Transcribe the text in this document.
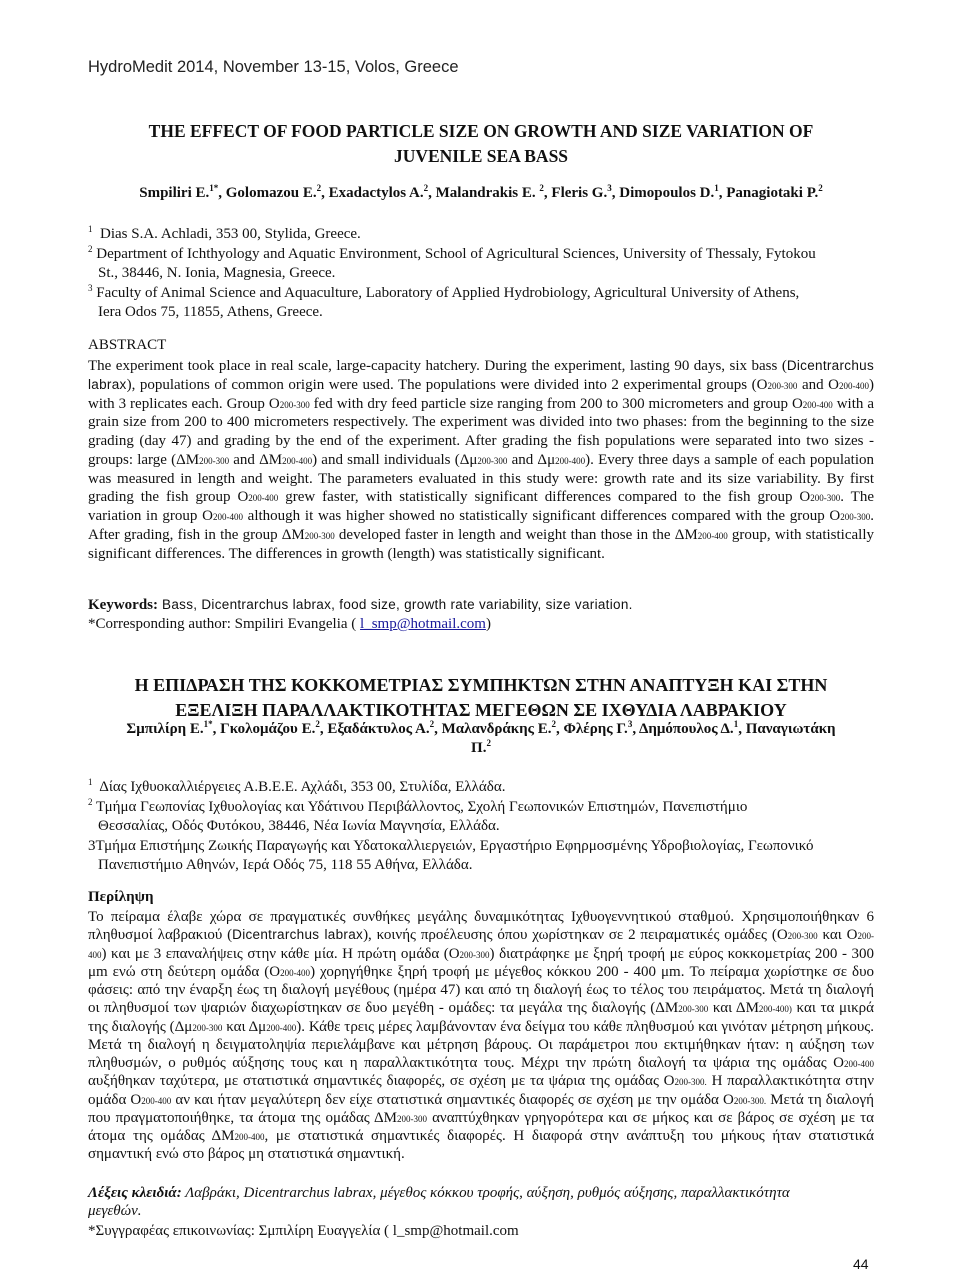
HydroMedit 2014, November 13-15, Volos, Greece
THE EFFECT OF FOOD PARTICLE SIZE ON GROWTH AND SIZE VARIATION OF
JUVENILE SEA BASS
Smpiliri E.$^{1*}$, Golomazou E.$^2$, Exadactylos A.$^2$, Malandrakis E. $^2$, Fleris G.$^3$, Dimopoulos D.$^1$, Panagiotaki P.$^2$
$^1$ Dias S.A. Achladi, 353 00, Stylida, Greece.
$^2$ Department of Ichthyology and Aquatic Environment, School of Agricultural Sciences, University of Thessaly, Fytokou
St., 38446, N. Ionia, Magnesia, Greece.
$^3$ Faculty of Animal Science and Aquaculture, Laboratory of Applied Hydrobiology, Agricultural University of Athens,
Iera Odos 75, 11855, Athens, Greece.
ABSTRACT
The experiment took place in real scale, large-capacity hatchery. During the experiment, lasting 90 days, six bass (Dicentrarchus labrax), populations of common origin were used. The populations were divided into 2 experimental groups (O200-300 and O200-400) with 3 replicates each. Group O200-300 fed with dry feed particle size ranging from 200 to 300 micrometers and group O200-400 with a grain size from 200 to 400 micrometers respectively. The experiment was divided into two phases: from the beginning to the size grading (day 47) and grading by the end of the experiment. After grading the fish populations were separated into two sizes - groups: large (ΔM200-300 and ΔM200-400) and small individuals (Δμ200-300 and Δμ200-400). Every three days a sample of each population was measured in length and weight. The parameters evaluated in this study were: growth rate and its size variability. By first grading the fish group O200-400 grew faster, with statistically significant differences compared to the fish group O200-300. The variation in group O200-400 although it was higher showed no statistically significant differences compared with the group O200-300. After grading, fish in the group ΔM200-300 developed faster in length and weight than those in the ΔM200-400 group, with statistically significant differences. The differences in growth (length) was statistically significant.
Keywords: Bass, Dicentrarchus labrax, food size, growth rate variability, size variation.
*Corresponding author: Smpiliri Evangelia ( l_smp@hotmail.com)
Η ΕΠΙΔΡΑΣΗ ΤΗΣ ΚΟΚΚΟΜΕΤΡΙΑΣ ΣΥΜΠΗΚΤΩΝ ΣΤΗΝ ΑΝΑΠΤΥΞΗ ΚΑΙ ΣΤΗΝ
ΕΞΕΛΙΞΗ ΠΑΡΑΛΛΑΚΤΙΚΟΤΗΤΑΣ ΜΕΓΕΘΩΝ ΣΕ ΙΧΘΥΔΙΑ ΛΑΒΡΑΚΙΟΥ
Σμπιλίρη Ε.$^{1*}$, Γκολομάζου Ε.$^2$, Εξαδάκτυλος Α.$^2$, Μαλανδράκης Ε.$^2$, Φλέρης Γ.$^3$, Δημόπουλος Δ.$^1$, Παναγιωτάκη
Π.$^2$
$^1$ Δίας Ιχθυοκαλλιέργειες Α.Β.Ε.Ε. Αχλάδι, 353 00, Στυλίδα, Ελλάδα.
$^2$ Τμήμα Γεωπονίας Ιχθυολογίας και Υδάτινου Περιβάλλοντος, Σχολή Γεωπονικών Επιστημών, Πανεπιστήμιο
Θεσσαλίας, Οδός Φυτόκου, 38446, Νέα Ιωνία Μαγνησία, Ελλάδα.
3Τμήμα Επιστήμης Ζωικής Παραγωγής και Υδατοκαλλιεργειών, Εργαστήριο Εφηρμοσμένης Υδροβιολογίας, Γεωπονικό
Πανεπιστήμιο Αθηνών, Ιερά Οδός 75, 118 55 Αθήνα, Ελλάδα.
Περίληψη
Το πείραμα έλαβε χώρα σε πραγματικές συνθήκες μεγάλης δυναμικότητας Ιχθυογεννητικού σταθμού. Χρησιμοποιήθηκαν 6 πληθυσμοί λαβρακιού (Dicentrarchus labrax), κοινής προέλευσης όπου χωρίστηκαν σε 2 πειραματικές ομάδες (O200-300 και O200-400) και με 3 επαναλήψεις στην κάθε μία. Η πρώτη ομάδα (O200-300) διατράφηκε με ξηρή τροφή με εύρος κοκκομετρίας 200 - 300 μm ενώ στη δεύτερη ομάδα (O200-400) χορηγήθηκε ξηρή τροφή με μέγεθος κόκκου 200 - 400 μm. Το πείραμα χωρίστηκε σε δυο φάσεις: από την έναρξη έως τη διαλογή μεγέθους (ημέρα 47) και από τη διαλογή έως το τέλος του πειράματος. Μετά τη διαλογή οι πληθυσμοί των ψαριών διαχωρίστηκαν σε δυο μεγέθη - ομάδες: τα μεγάλα της διαλογής (ΔM200-300 και ΔM200-400) και τα μικρά της διαλογής (Δμ200-300 και Δμ200-400). Κάθε τρεις μέρες λαμβάνονταν ένα δείγμα του κάθε πληθυσμού και γινόταν μέτρηση μήκους. Μετά τη διαλογή η δειγματοληψία περιελάμβανε και μέτρηση βάρους. Οι παράμετροι που εκτιμήθηκαν ήταν: η αύξηση των πληθυσμών, ο ρυθμός αύξησης τους και η παραλλακτικότητα τους. Μέχρι την πρώτη διαλογή τα ψάρια της ομάδας O200-400 αυξήθηκαν ταχύτερα, με στατιστικά σημαντικές διαφορές, σε σχέση με τα ψάρια της ομάδας O200-300. Η παραλλακτικότητα στην ομάδα O200-400 αν και ήταν μεγαλύτερη δεν είχε στατιστικά σημαντικές διαφορές σε σχέση με την ομάδα O200-300. Μετά τη διαλογή που πραγματοποιήθηκε, τα άτομα της ομάδας ΔM200-300 αναπτύχθηκαν γρηγορότερα και σε μήκος και σε βάρος σε σχέση με τα άτομα της ομάδας ΔM200-400, με στατιστικά σημαντικές διαφορές. Η διαφορά στην ανάπτυξη του μήκους ήταν στατιστικά σημαντική ενώ στο βάρος μη στατιστικά σημαντική.
Λέξεις κλειδιά: Λαβράκι, Dicentrarchus labrax, μέγεθος κόκκου τροφής, αύξηση, ρυθμός αύξησης, παραλλακτικότητα
μεγεθών.
*Συγγραφέας επικοινωνίας: Σμπιλίρη Ευαγγελία ( l_smp@hotmail.com
44
